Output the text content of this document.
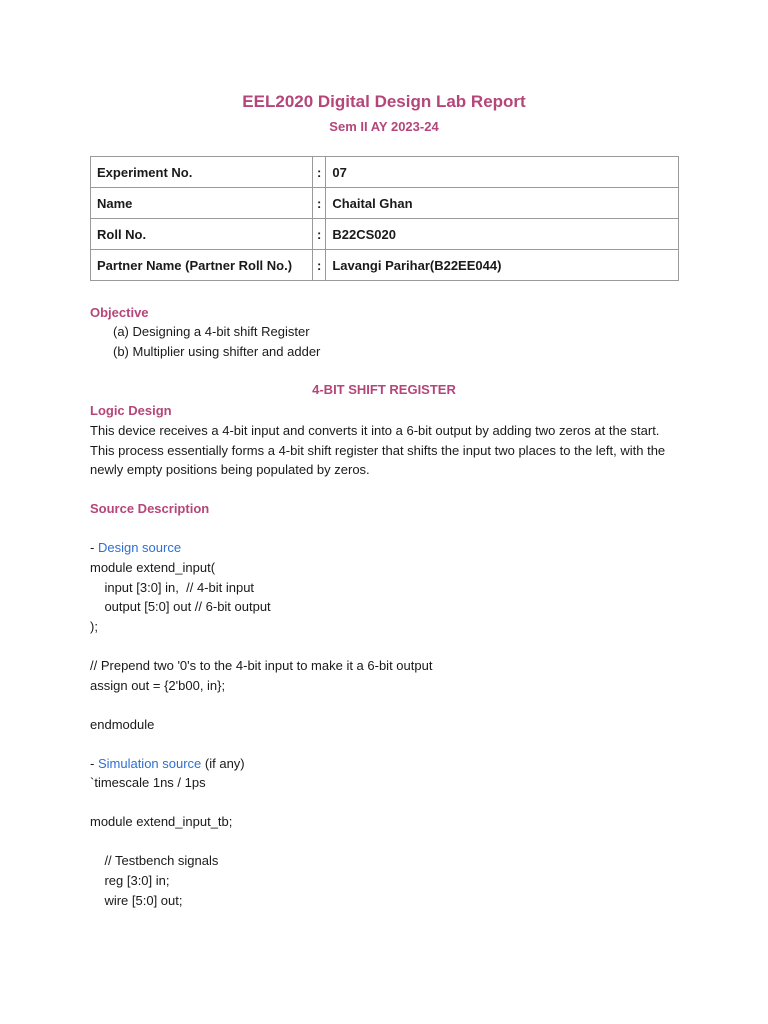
EEL2020 Digital Design Lab Report
Sem II AY 2023-24
Experiment No.	:	07
Name	:	Chaital Ghan
Roll No.	:	B22CS020
Partner Name (Partner Roll No.)	:	Lavangi Parihar(B22EE044)
Objective
(a) Designing a 4-bit shift Register
(b) Multiplier using shifter and adder
4-BIT SHIFT REGISTER
Logic Design
This device receives a 4-bit input and converts it into a 6-bit output by adding two zeros at the start. This process essentially forms a 4-bit shift register that shifts the input two places to the left, with the newly empty positions being populated by zeros.
Source Description
- Design source
module extend_input(
input [3:0] in,  // 4-bit input
output [5:0] out // 6-bit output
);
// Prepend two '0's to the 4-bit input to make it a 6-bit output
assign out = {2'b00, in};
endmodule
- Simulation source (if any)
`timescale 1ns / 1ps
module extend_input_tb;
// Testbench signals
reg [3:0] in;
wire [5:0] out;
